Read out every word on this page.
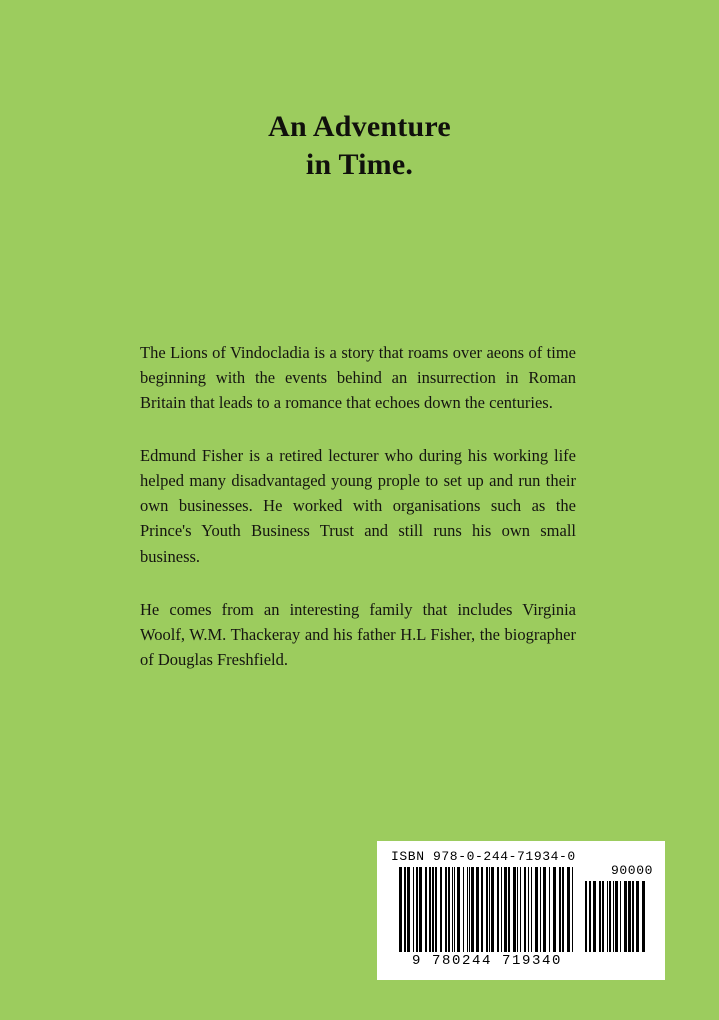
An Adventure
in Time.

The Lions of Vindocladia is a story that roams over aeons of time beginning with the events behind an insurrection in Roman Britain that leads to a romance that echoes down the centuries.

Edmund Fisher is a retired lecturer who during his working life helped many disadvantaged young prople to set up and run their own businesses. He worked with organisations such as the Prince's Youth Business Trust and still runs his own small business.

He comes from an interesting family that includes Virginia Woolf, W.M. Thackeray and his father H.L Fisher, the biographer of Douglas Freshfield.

ISBN 978-0-244-71934-0
90000
9 780244 719340
